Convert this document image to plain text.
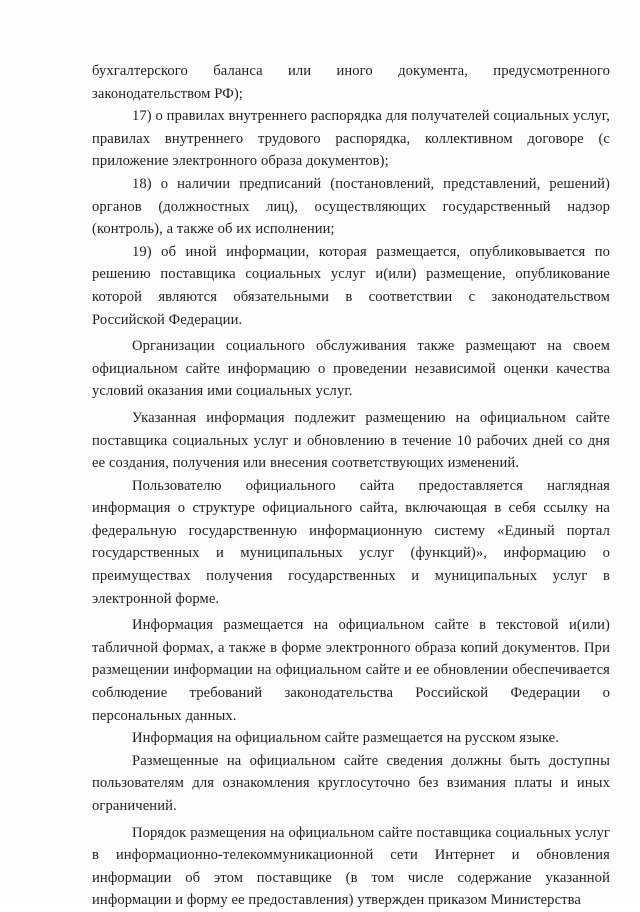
бухгалтерского баланса или иного документа, предусмотренного законодательством РФ);

17) о правилах внутреннего распорядка для получателей социальных услуг, правилах внутреннего трудового распорядка, коллективном договоре (с приложение электронного образа документов);

18) о наличии предписаний (постановлений, представлений, решений) органов (должностных лиц), осуществляющих государственный надзор (контроль), а также об их исполнении;

19) об иной информации, которая размещается, опубликовывается по решению поставщика социальных услуг и(или) размещение, опубликование которой являются обязательными в соответствии с законодательством Российской Федерации.

Организации социального обслуживания также размещают на своем официальном сайте информацию о проведении независимой оценки качества условий оказания ими социальных услуг.

Указанная информация подлежит размещению на официальном сайте поставщика социальных услуг и обновлению в течение 10 рабочих дней со дня ее создания, получения или внесения соответствующих изменений.

Пользователю официального сайта предоставляется наглядная информация о структуре официального сайта, включающая в себя ссылку на федеральную государственную информационную систему «Единый портал государственных и муниципальных услуг (функций)», информацию о преимуществах получения государственных и муниципальных услуг в электронной форме.

Информация размещается на официальном сайте в текстовой и(или) табличной формах, а также в форме электронного образа копий документов. При размещении информации на официальном сайте и ее обновлении обеспечивается соблюдение требований законодательства Российской Федерации о персональных данных.

Информация на официальном сайте размещается на русском языке.

Размещенные на официальном сайте сведения должны быть доступны пользователям для ознакомления круглосуточно без взимания платы и иных ограничений.

Порядок размещения на официальном сайте поставщика социальных услуг в информационно-телекоммуникационной сети Интернет и обновления информации об этом поставщике (в том числе содержание указанной информации и форму ее предоставления) утвержден приказом Министерства
